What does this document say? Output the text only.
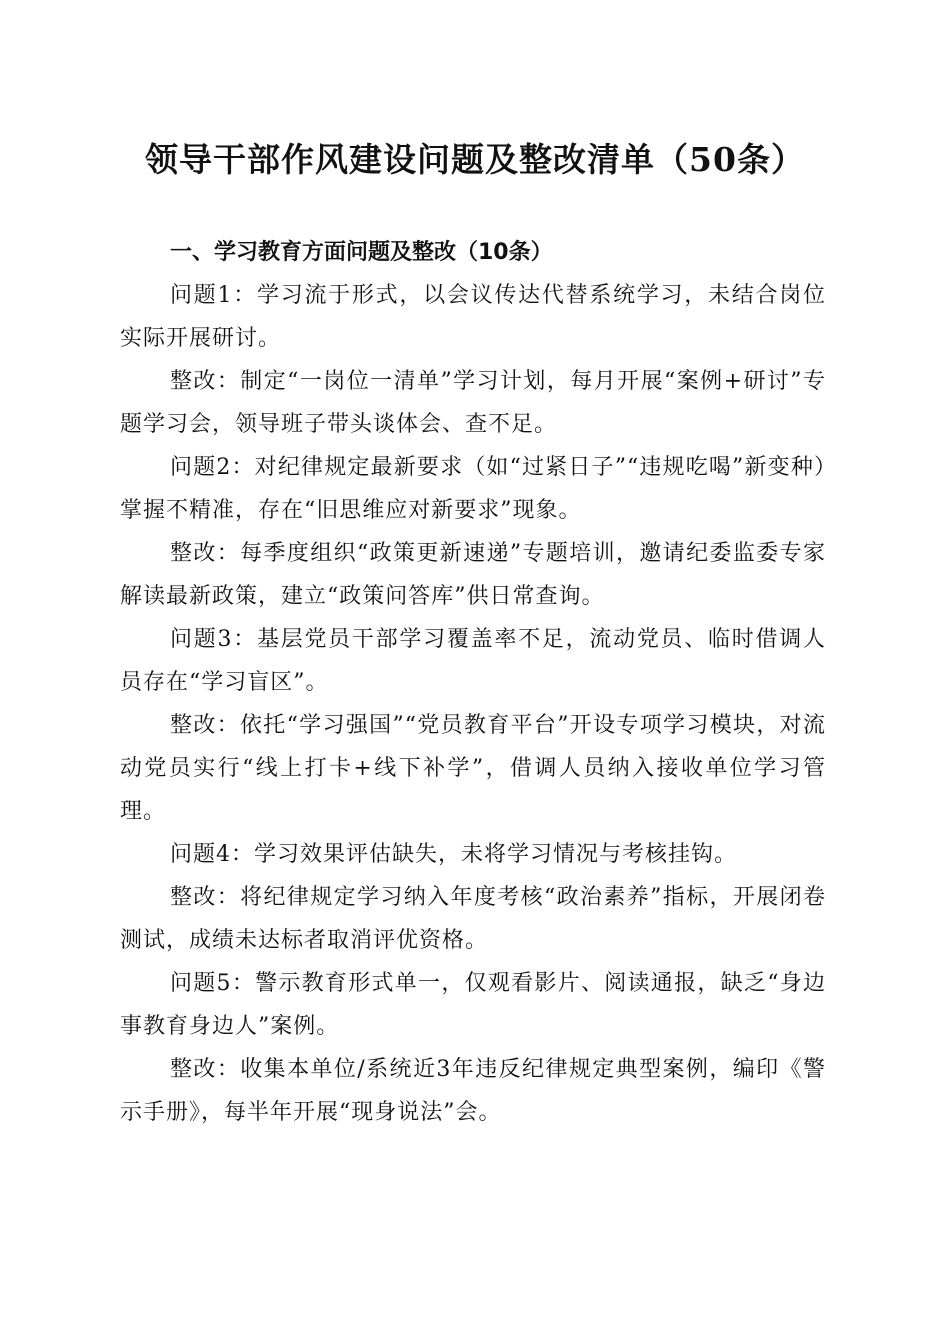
领导干部作风建设问题及整改清单（50条）

一、学习教育方面问题及整改（10条）

问题1：学习流于形式，以会议传达代替系统学习，未结合岗位实际开展研讨。

整改：制定“一岗位一清单”学习计划，每月开展“案例+研讨”专题学习会，领导班子带头谈体会、查不足。

问题2：对纪律规定最新要求（如“过紧日子”“违规吃喝”新变种）掌握不精准，存在“旧思维应对新要求”现象。

整改：每季度组织“政策更新速递”专题培训，邀请纪委监委专家解读最新政策，建立“政策问答库”供日常查询。

问题3：基层党员干部学习覆盖率不足，流动党员、临时借调人员存在“学习盲区”。

整改：依托“学习强国”“党员教育平台”开设专项学习模块，对流动党员实行“线上打卡+线下补学”，借调人员纳入接收单位学习管理。

问题4：学习效果评估缺失，未将学习情况与考核挂钩。

整改：将纪律规定学习纳入年度考核“政治素养”指标，开展闭卷测试，成绩未达标者取消评优资格。

问题5：警示教育形式单一，仅观看影片、阅读通报，缺乏“身边事教育身边人”案例。

整改：收集本单位/系统近3年违反纪律规定典型案例，编印《警示手册》，每半年开展“现身说法”会。
